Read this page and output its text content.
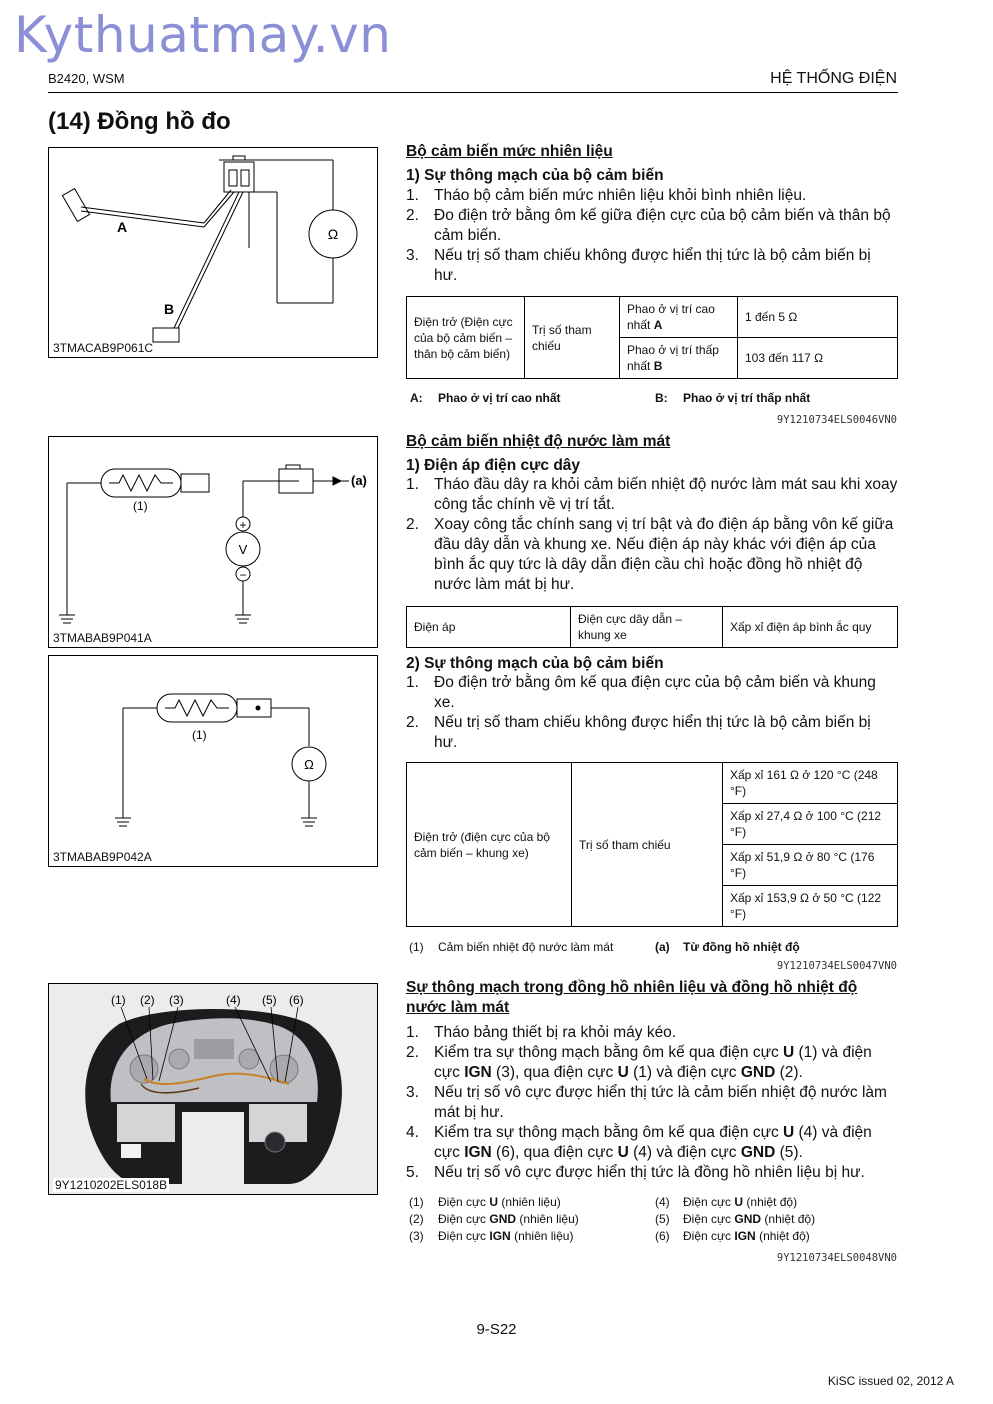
Kythuatmay.vn
B2420, WSM	HỆ THỐNG ĐIỆN
(14) Đồng hồ đo
Ω
A
B
3TMACAB9P061C
Bộ cảm biến mức nhiên liệu
1) Sự thông mạch của bộ cảm biến
1. Tháo bộ cảm biến mức nhiên liệu khỏi bình nhiên liệu.
2. Đo điện trở bằng ôm kế giữa điện cực của bộ cảm biến và thân bộ cảm biến.
3. Nếu trị số tham chiếu không được hiển thị tức là bộ cảm biến bị hư.
Điện trở (Điện cực của bộ cảm biến – thân bộ cảm biến)	Trị số tham chiếu	Phao ở vị trí cao nhất A	1 đến 5 Ω
		Phao ở vị trí thấp nhất B	103 đến 117 Ω
A: Phao ở vị trí cao nhất	B: Phao ở vị trí thấp nhất
9Y1210734ELS0046VN0
V
+
−
(1)
(a)
3TMABAB9P041A
Ω
(1)
3TMABAB9P042A
Bộ cảm biến nhiệt độ nước làm mát
1) Điện áp điện cực dây
1. Tháo đầu dây ra khỏi cảm biến nhiệt độ nước làm mát sau khi xoay công tắc chính về vị trí tắt.
2. Xoay công tắc chính sang vị trí bật và đo điện áp bằng vôn kế giữa đầu dây dẫn và khung xe. Nếu điện áp này khác với điện áp của bình ắc quy tức là dây dẫn điện cầu chì hoặc đồng hồ nhiệt độ nước làm mát bị hư.
Điện áp	Điện cực dây dẫn – khung xe	Xấp xỉ điện áp bình ắc quy
2) Sự thông mạch của bộ cảm biến
1. Đo điện trở bằng ôm kế qua điện cực của bộ cảm biến và khung xe.
2. Nếu trị số tham chiếu không được hiển thị tức là bộ cảm biến bị hư.
Điện trở (điện cực của bộ cảm biến – khung xe)	Trị số tham chiếu	Xấp xỉ 161 Ω ở 120 °C (248 °F)
Xấp xỉ 27,4 Ω ở 100 °C (212 °F)
Xấp xỉ 51,9 Ω ở 80 °C (176 °F)
Xấp xỉ 153,9 Ω ở 50 °C (122 °F)
(1) Cảm biến nhiệt độ nước làm mát	(a) Từ đồng hồ nhiệt độ
9Y1210734ELS0047VN0
(1) (2) (3)	(4) (5) (6)
9Y1210202ELS018B
Sự thông mạch trong đồng hồ nhiên liệu và đồng hồ nhiệt độ nước làm mát
1. Tháo bảng thiết bị ra khỏi máy kéo.
2. Kiểm tra sự thông mạch bằng ôm kế qua điện cực U (1) và điện cực IGN (3), qua điện cực U (1) và điện cực GND (2).
3. Nếu trị số vô cực được hiển thị tức là cảm biến nhiệt độ nước làm mát bị hư.
4. Kiểm tra sự thông mạch bằng ôm kế qua điện cực U (4) và điện cực IGN (6), qua điện cực U (4) và điện cực GND (5).
5. Nếu trị số vô cực được hiển thị tức là đồng hồ nhiên liệu bị hư.
(1) Điện cực U (nhiên liệu)
(2) Điện cực GND (nhiên liệu)
(3) Điện cực IGN (nhiên liệu)
(4) Điện cực U (nhiệt độ)
(5) Điện cực GND (nhiệt độ)
(6) Điện cực IGN (nhiệt độ)
9Y1210734ELS0048VN0
9-S22
KiSC issued 02, 2012 A
